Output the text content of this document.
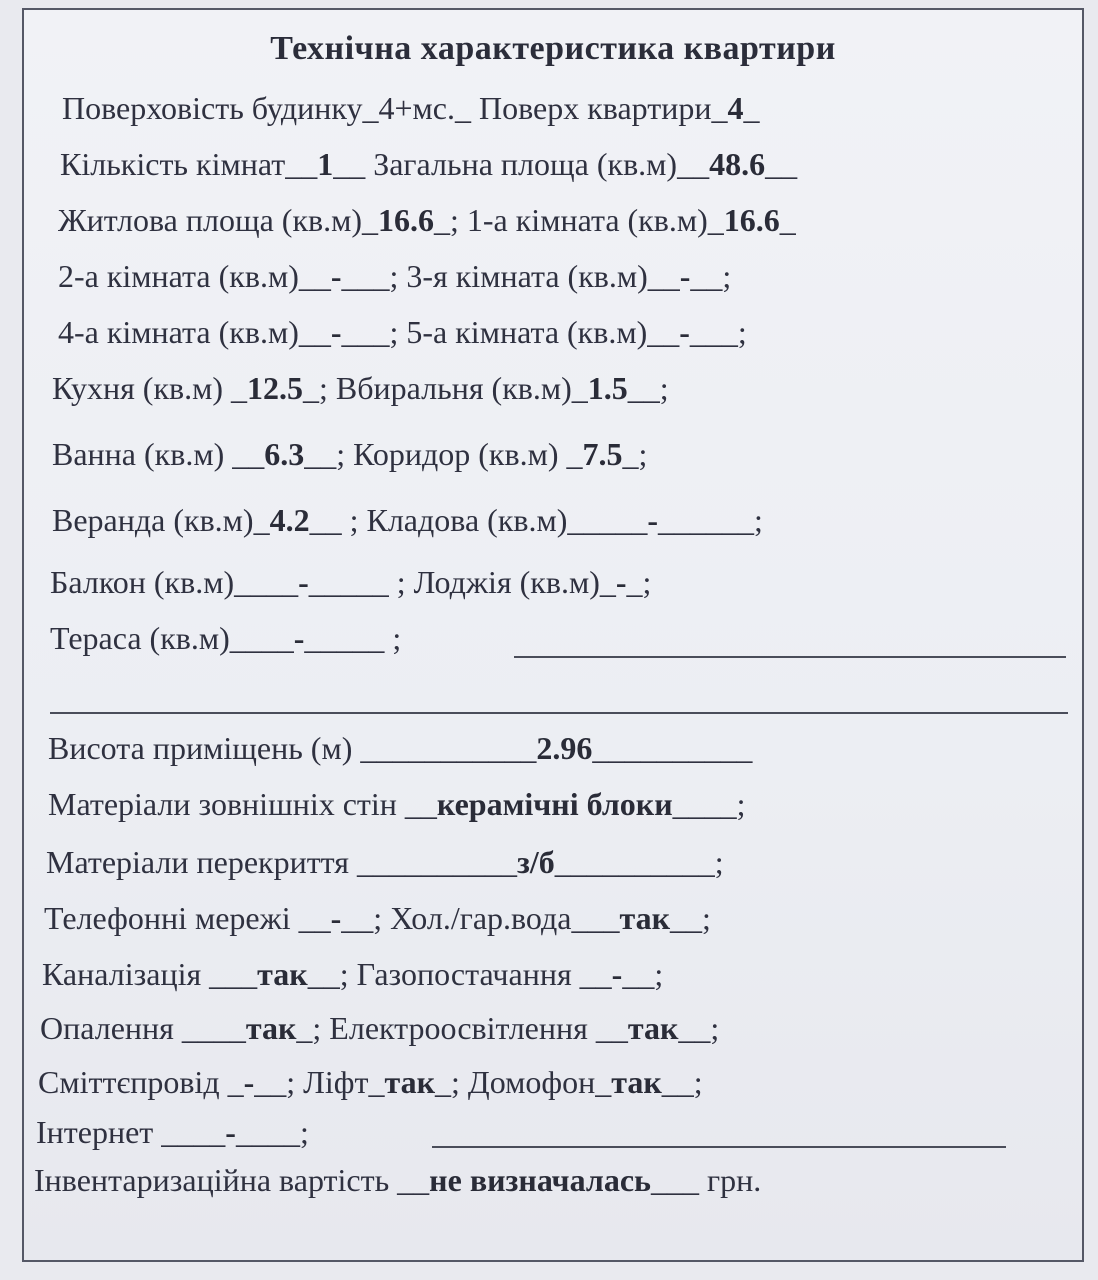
Технічна характеристика квартири
Поверховість будинку_4+мс._ Поверх квартири_4_
Кількість кімнат__1__ Загальна площа (кв.м)__48.6__
Житлова площа (кв.м)_16.6_; 1-а кімната (кв.м)_16.6_
2-а кімната (кв.м)__-___; 3-я кімната (кв.м)__-__;
4-а кімната (кв.м)__-___; 5-а кімната (кв.м)__-___;
Кухня (кв.м) _12.5_; Вбиральня (кв.м)_1.5__;
Ванна (кв.м) __6.3__; Коридор (кв.м) _7.5_;
Веранда (кв.м)_4.2__ ; Кладова (кв.м)_____-______;
Балкон (кв.м)____-_____ ; Лоджія (кв.м)_-_;
Тераса (кв.м)____-_____ ;
Висота приміщень (м) ___________2.96__________
Матеріали зовнішніх стін __керамічні блоки____;
Матеріали перекриття __________з/б__________;
Телефонні мережі __-__; Хол./гар.вода___так__;
Каналізація ___так__; Газопостачання __-__;
Опалення ____так_; Електроосвітлення __так__;
Сміттєпровід _-__; Ліфт_так_; Домофон_так__;
Інтернет ____-____;
Інвентаризаційна вартість __не визначалась___ грн.
